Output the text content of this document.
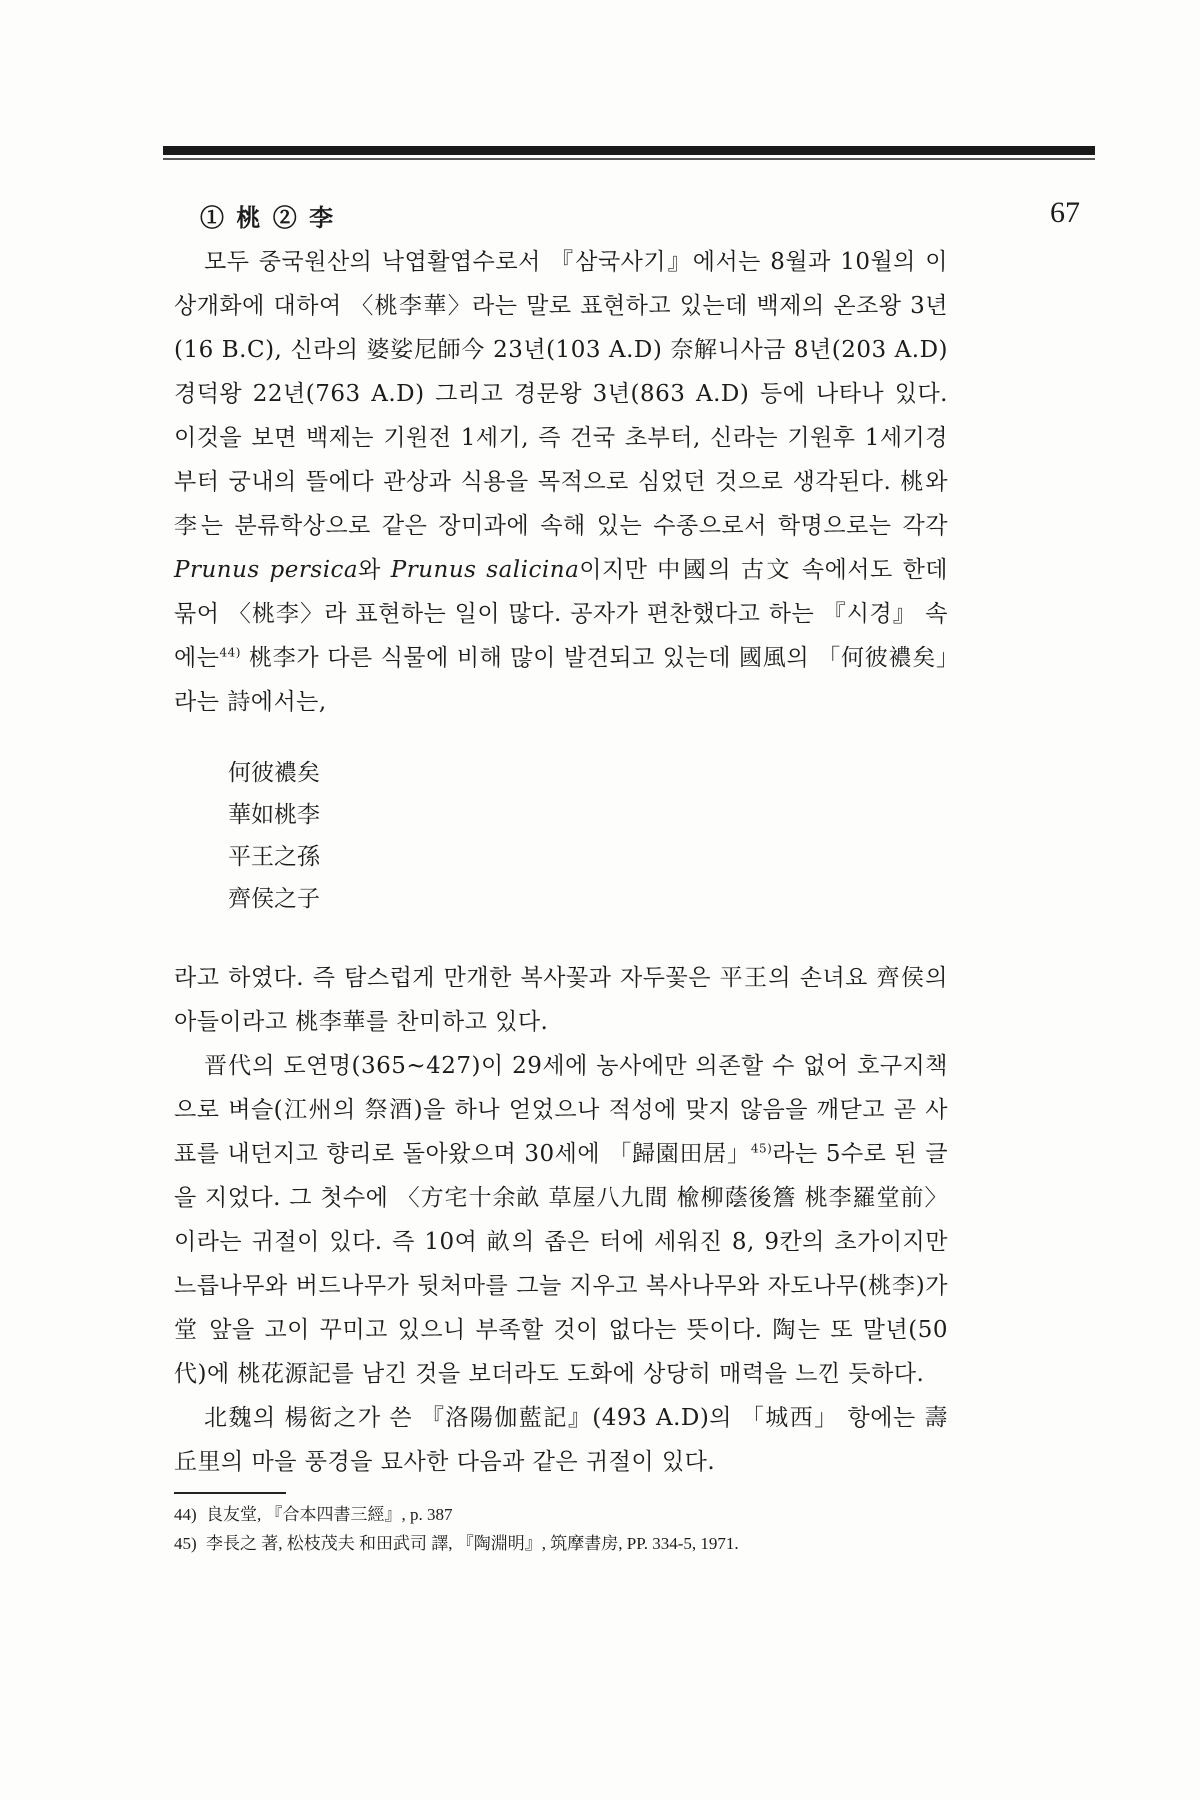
67
① 桃 ② 李

모두 중국원산의 낙엽활엽수로서 『삼국사기』에서는 8월과 10월의 이상개화에 대하여 〈桃李華〉라는 말로 표현하고 있는데 백제의 온조왕 3년(16 B.C), 신라의 婆娑尼師今 23년(103 A.D) 奈解니사금 8년(203 A.D) 경덕왕 22년(763 A.D) 그리고 경문왕 3년(863 A.D) 등에 나타나 있다. 이것을 보면 백제는 기원전 1세기, 즉 건국 초부터, 신라는 기원후 1세기경부터 궁내의 뜰에다 관상과 식용을 목적으로 심었던 것으로 생각된다. 桃와 李는 분류학상으로 같은 장미과에 속해 있는 수종으로서 학명으로는 각각 Prunus persica와 Prunus salicina이지만 中國의 古文 속에서도 한데 묶어 〈桃李〉라 표현하는 일이 많다. 공자가 편찬했다고 하는 『시경』 속에는$^{44)}$ 桃李가 다른 식물에 비해 많이 발견되고 있는데 國風의 「何彼襛矣」라는 詩에서는,

何彼襛矣
華如桃李
平王之孫
齊侯之子

라고 하였다. 즉 탐스럽게 만개한 복사꽃과 자두꽃은 平王의 손녀요 齊侯의 아들이라고 桃李華를 찬미하고 있다.

晋代의 도연명(365~427)이 29세에 농사에만 의존할 수 없어 호구지책으로 벼슬(江州의 祭酒)을 하나 얻었으나 적성에 맞지 않음을 깨닫고 곧 사표를 내던지고 향리로 돌아왔으며 30세에 「歸園田居」$^{45)}$라는 5수로 된 글을 지었다. 그 첫수에 〈方宅十余畝 草屋八九間 楡柳蔭後簷 桃李羅堂前〉이라는 귀절이 있다. 즉 10여 畝의 좁은 터에 세워진 8, 9칸의 초가이지만 느릅나무와 버드나무가 뒷처마를 그늘 지우고 복사나무와 자도나무(桃李)가 堂 앞을 고이 꾸미고 있으니 부족할 것이 없다는 뜻이다. 陶는 또 말년(50代)에 桃花源記를 남긴 것을 보더라도 도화에 상당히 매력을 느낀 듯하다.

北魏의 楊衒之가 쓴 『洛陽伽藍記』(493 A.D)의 「城西」 항에는 壽丘里의 마을 풍경을 묘사한 다음과 같은 귀절이 있다.

44) 良友堂, 『合本四書三經』, p. 387

45) 李長之 著, 松枝茂夫 和田武司 譯, 『陶淵明』, 筑摩書房, PP. 334-5, 1971.
